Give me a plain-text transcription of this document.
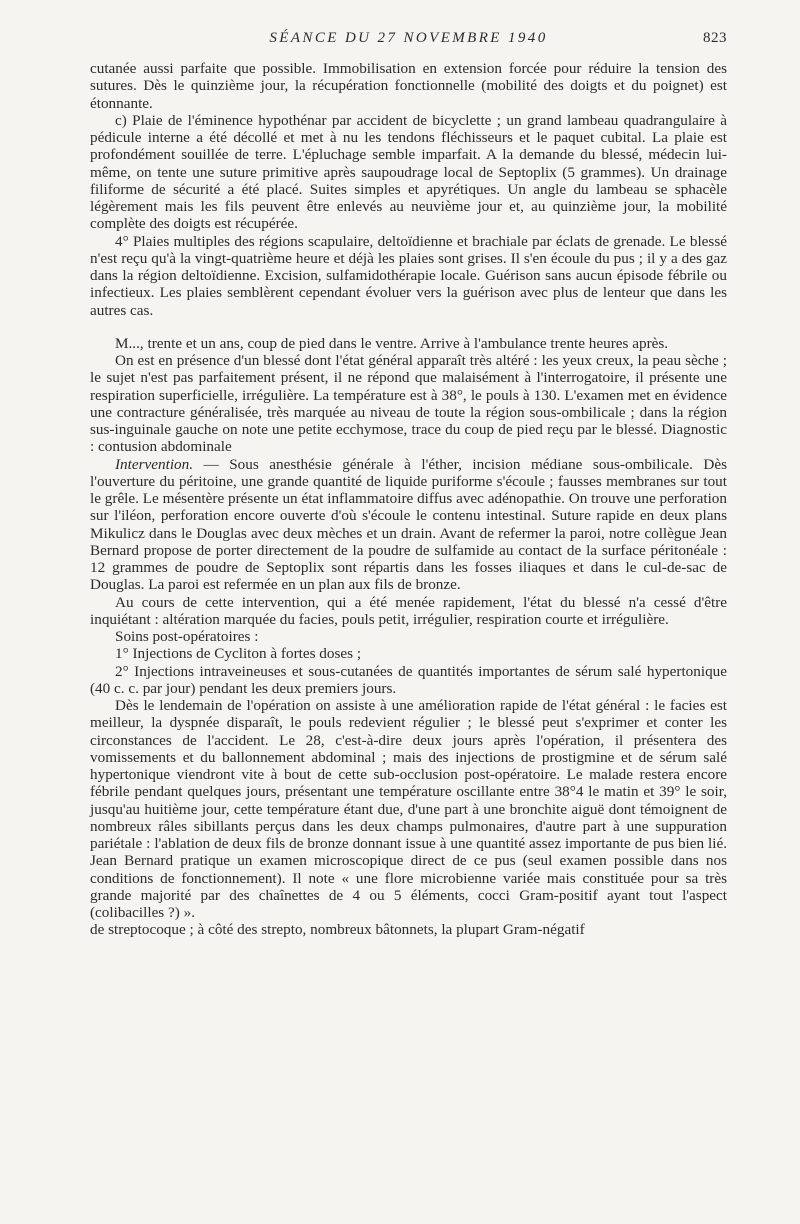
SÉANCE DU 27 NOVEMBRE 1940	823

cutanée aussi parfaite que possible. Immobilisation en extension forcée pour réduire la tension des sutures. Dès le quinzième jour, la récupération fonctionnelle (mobilité des doigts et du poignet) est étonnante.

c) Plaie de l'éminence hypothénar par accident de bicyclette ; un grand lambeau quadrangulaire à pédicule interne a été décollé et met à nu les tendons fléchisseurs et le paquet cubital. La plaie est profondément souillée de terre. L'épluchage semble imparfait. A la demande du blessé, médecin lui-même, on tente une suture primitive après saupoudrage local de Septoplix (5 grammes). Un drainage filiforme de sécurité a été placé. Suites simples et apyrétiques. Un angle du lambeau se sphacèle légèrement mais les fils peuvent être enlevés au neuvième jour et, au quinzième jour, la mobilité complète des doigts est récupérée.

4° Plaies multiples des régions scapulaire, deltoïdienne et brachiale par éclats de grenade. Le blessé n'est reçu qu'à la vingt-quatrième heure et déjà les plaies sont grises. Il s'en écoule du pus ; il y a des gaz dans la région deltoïdienne. Excision, sulfamidothérapie locale. Guérison sans aucun épisode fébrile ou infectieux. Les plaies semblèrent cependant évoluer vers la guérison avec plus de lenteur que dans les autres cas.

M..., trente et un ans, coup de pied dans le ventre. Arrive à l'ambulance trente heures après.

On est en présence d'un blessé dont l'état général apparaît très altéré : les yeux creux, la peau sèche ; le sujet n'est pas parfaitement présent, il ne répond que malaisément à l'interrogatoire, il présente une respiration superficielle, irrégulière. La température est à 38°, le pouls à 130. L'examen met en évidence une contracture généralisée, très marquée au niveau de toute la région sous-ombilicale ; dans la région sus-inguinale gauche on note une petite ecchymose, trace du coup de pied reçu par le blessé. Diagnostic : contusion abdominale

Intervention. — Sous anesthésie générale à l'éther, incision médiane sous-ombilicale. Dès l'ouverture du péritoine, une grande quantité de liquide puriforme s'écoule ; fausses membranes sur tout le grêle. Le mésentère présente un état inflammatoire diffus avec adénopathie. On trouve une perforation sur l'iléon, perforation encore ouverte d'où s'écoule le contenu intestinal. Suture rapide en deux plans Mikulicz dans le Douglas avec deux mèches et un drain. Avant de refermer la paroi, notre collègue Jean Bernard propose de porter directement de la poudre de sulfamide au contact de la surface péritonéale : 12 grammes de poudre de Septoplix sont répartis dans les fosses iliaques et dans le cul-de-sac de Douglas. La paroi est refermée en un plan aux fils de bronze.

Au cours de cette intervention, qui a été menée rapidement, l'état du blessé n'a cessé d'être inquiétant : altération marquée du facies, pouls petit, irrégulier, respiration courte et irrégulière.

Soins post-opératoires :

1° Injections de Cycliton à fortes doses ;

2° Injections intraveineuses et sous-cutanées de quantités importantes de sérum salé hypertonique (40 c. c. par jour) pendant les deux premiers jours.

Dès le lendemain de l'opération on assiste à une amélioration rapide de l'état général : le facies est meilleur, la dyspnée disparaît, le pouls redevient régulier ; le blessé peut s'exprimer et conter les circonstances de l'accident. Le 28, c'est-à-dire deux jours après l'opération, il présentera des vomissements et du ballonnement abdominal ; mais des injections de prostigmine et de sérum salé hypertonique viendront vite à bout de cette sub-occlusion post-opératoire. Le malade restera encore fébrile pendant quelques jours, présentant une température oscillante entre 38°4 le matin et 39° le soir, jusqu'au huitième jour, cette température étant due, d'une part à une bronchite aiguë dont témoignent de nombreux râles sibillants perçus dans les deux champs pulmonaires, d'autre part à une suppuration pariétale : l'ablation de deux fils de bronze donnant issue à une quantité assez importante de pus bien lié. Jean Bernard pratique un examen microscopique direct de ce pus (seul examen possible dans nos conditions de fonctionnement). Il note « une flore microbienne variée mais constituée pour sa très grande majorité par des chaînettes de 4 ou 5 éléments, cocci Gram-positif ayant tout l'aspect (colibacilles ?) ».

de streptocoque ; à côté des strepto, nombreux bâtonnets, la plupart Gram-négatif
